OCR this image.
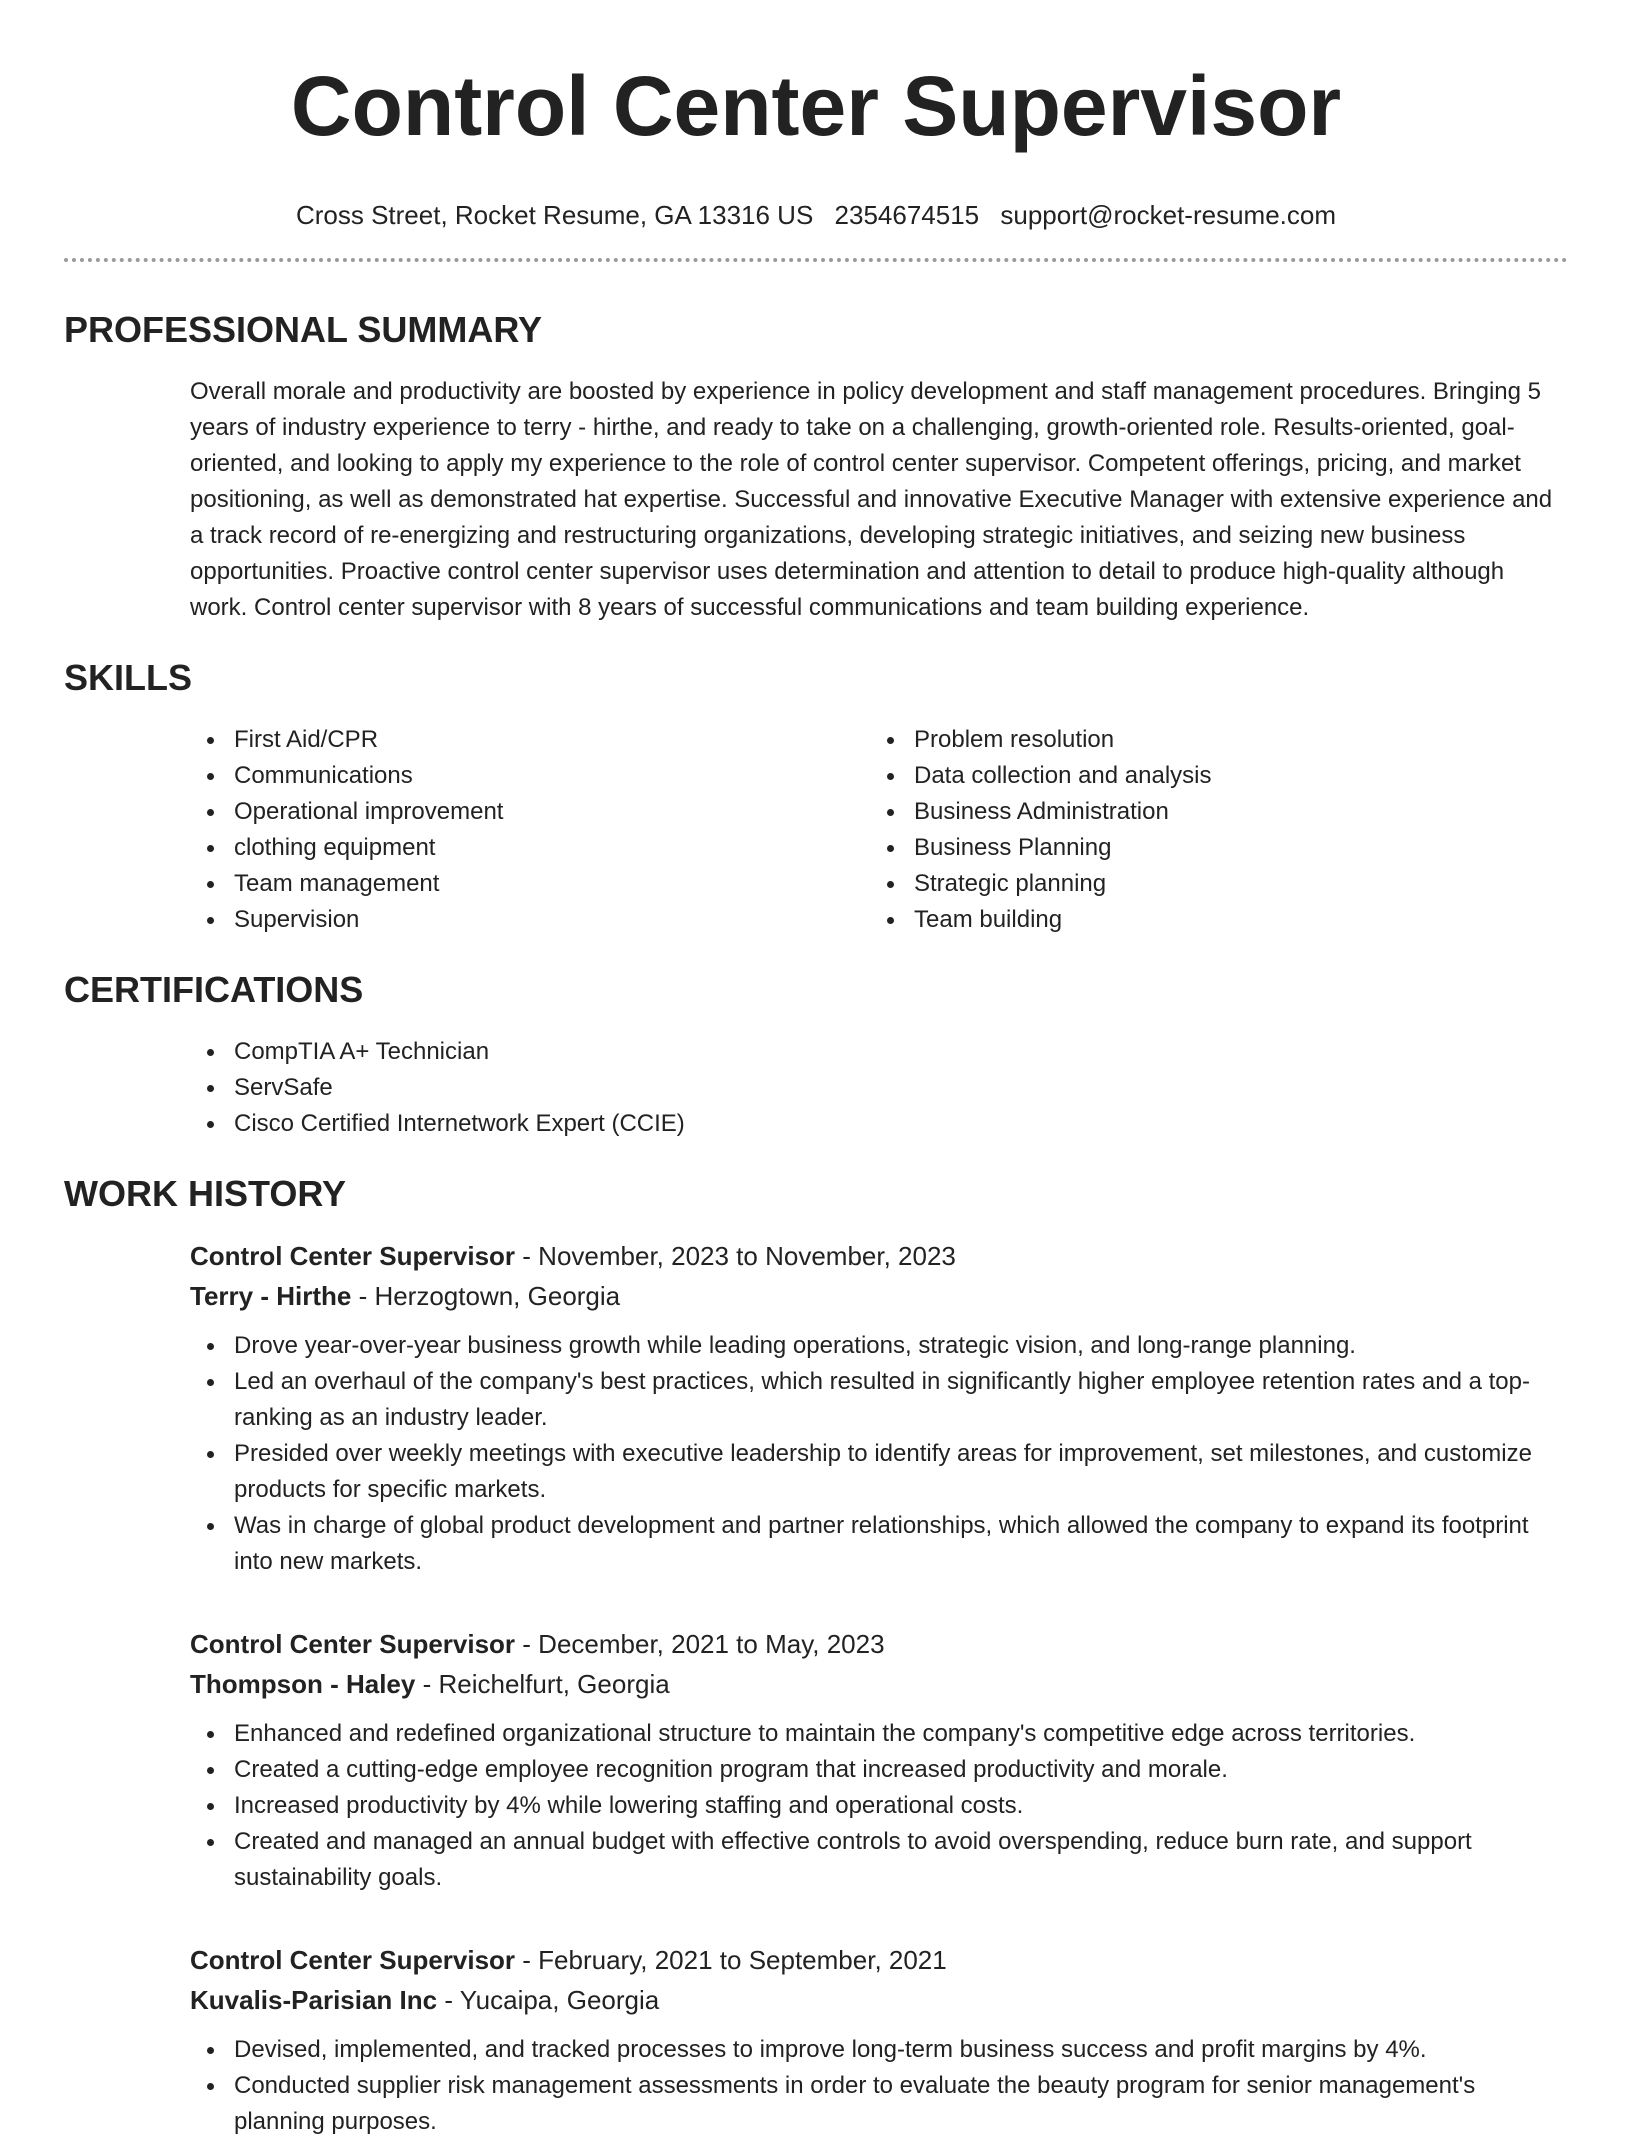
Control Center Supervisor
Cross Street, Rocket Resume, GA 13316 US 2354674515 support@rocket-resume.com
PROFESSIONAL SUMMARY

Overall morale and productivity are boosted by experience in policy development and staff management procedures. Bringing 5 years of industry experience to terry - hirthe, and ready to take on a challenging, growth-oriented role. Results-oriented, goal-oriented, and looking to apply my experience to the role of control center supervisor. Competent offerings, pricing, and market positioning, as well as demonstrated hat expertise. Successful and innovative Executive Manager with extensive experience and a track record of re-energizing and restructuring organizations, developing strategic initiatives, and seizing new business opportunities. Proactive control center supervisor uses determination and attention to detail to produce high-quality although work. Control center supervisor with 8 years of successful communications and team building experience.

SKILLS
First Aid/CPR
Communications
Operational improvement
clothing equipment
Team management
Supervision
Problem resolution
Data collection and analysis
Business Administration
Business Planning
Strategic planning
Team building
CERTIFICATIONS
CompTIA A+ Technician
ServSafe
Cisco Certified Internetwork Expert (CCIE)
WORK HISTORY
Control Center Supervisor - November, 2023 to November, 2023
Terry - Hirthe - Herzogtown, Georgia
Drove year-over-year business growth while leading operations, strategic vision, and long-range planning.
Led an overhaul of the company's best practices, which resulted in significantly higher employee retention rates and a top-ranking as an industry leader.
Presided over weekly meetings with executive leadership to identify areas for improvement, set milestones, and customize products for specific markets.
Was in charge of global product development and partner relationships, which allowed the company to expand its footprint into new markets.
Control Center Supervisor - December, 2021 to May, 2023
Thompson - Haley - Reichelfurt, Georgia
Enhanced and redefined organizational structure to maintain the company's competitive edge across territories.
Created a cutting-edge employee recognition program that increased productivity and morale.
Increased productivity by 4% while lowering staffing and operational costs.
Created and managed an annual budget with effective controls to avoid overspending, reduce burn rate, and support sustainability goals.
Control Center Supervisor - February, 2021 to September, 2021
Kuvalis-Parisian Inc - Yucaipa, Georgia
Devised, implemented, and tracked processes to improve long-term business success and profit margins by 4%.
Conducted supplier risk management assessments in order to evaluate the beauty program for senior management's planning purposes.
